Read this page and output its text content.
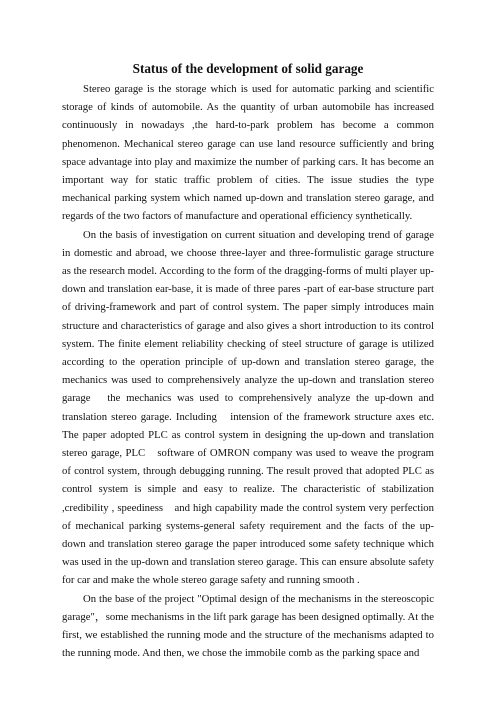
Status of the development of solid garage

Stereo garage is the storage which is used for automatic parking and scientific storage of kinds of automobile. As the quantity of urban automobile has increased continuously in nowadays ,the hard-to-park problem has become a common phenomenon. Mechanical stereo garage can use land resource sufficiently and bring space advantage into play and maximize the number of parking cars. It has become an important way for static traffic problem of cities. The issue studies the type mechanical parking system which named up-down and translation stereo garage, and regards of the two factors of manufacture and operational efficiency synthetically.

On the basis of investigation on current situation and developing trend of garage in domestic and abroad, we choose three-layer and three-formulistic garage structure as the research model. According to the form of the dragging-forms of multi player up-down and translation ear-base, it is made of three pares -part of ear-base structure part of driving-framework and part of control system. The paper simply introduces main structure and characteristics of garage and also gives a short introduction to its control system. The finite element reliability checking of steel structure of garage is utilized according to the operation principle of up-down and translation stereo garage, the mechanics was used to comprehensively analyze the up-down and translation stereo garage　the mechanics was used to comprehensively analyze the up-down and translation stereo garage. Including　intension of the framework structure axes etc. The paper adopted PLC as control system in designing the up-down and translation stereo garage, PLC　software of OMRON company was used to weave the program of control system, through debugging running. The result proved that adopted PLC as control system is simple and easy to realize. The characteristic of stabilization ,credibility , speediness　and high capability made the control system very perfection of mechanical parking systems-general safety requirement and the facts of the up-down and translation stereo garage the paper introduced some safety technique which was used in the up-down and translation stereo garage. This can ensure absolute safety for car and make the whole stereo garage safety and running smooth .

On the base of the project "Optimal design of the mechanisms in the stereoscopic garage"，some mechanisms in the lift park garage has been designed optimally. At the first, we established the running mode and the structure of the mechanisms adapted to the running mode. And then, we chose the immobile comb as the parking space and
